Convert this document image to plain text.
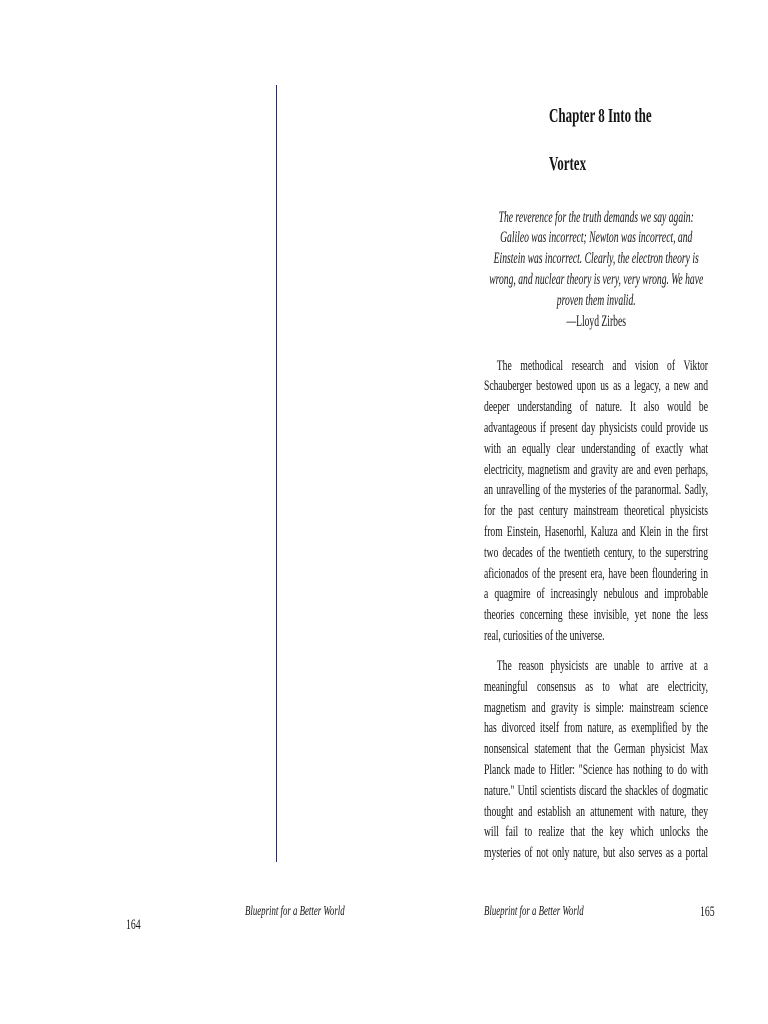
Blueprint for a Better World
164
Chapter 8 Into the
Vortex
The reverence for the truth demands we say again:
Galileo was incorrect; Newton was incorrect, and
Einstein was incorrect. Clearly, the electron theory is
wrong, and nuclear theory is very, very wrong. We have
proven them invalid.
—Lloyd Zirbes
The methodical research and vision of Viktor
Schauberger bestowed upon us as a legacy, a new and
deeper understanding of nature. It also would be
advantageous if present day physicists could provide us
with an equally clear understanding of exactly what
electricity, magnetism and gravity are and even perhaps,
an unravelling of the mysteries of the paranormal. Sadly,
for the past century mainstream theoretical physicists
from Einstein, Hasenorhl, Kaluza and Klein in the first
two decades of the twentieth century, to the superstring
aficionados of the present era, have been floundering in
a quagmire of increasingly nebulous and improbable
theories concerning these invisible, yet none the less
real, curiosities of the universe.
The reason physicists are unable to arrive at a
meaningful consensus as to what are electricity,
magnetism and gravity is simple: mainstream science
has divorced itself from nature, as exemplified by the
nonsensical statement that the German physicist Max
Planck made to Hitler: "Science has nothing to do with
nature." Until scientists discard the shackles of dogmatic
thought and establish an attunement with nature, they
will fail to realize that the key which unlocks the
mysteries of not only nature, but also serves as a portal
Blueprint for a Better World	165
